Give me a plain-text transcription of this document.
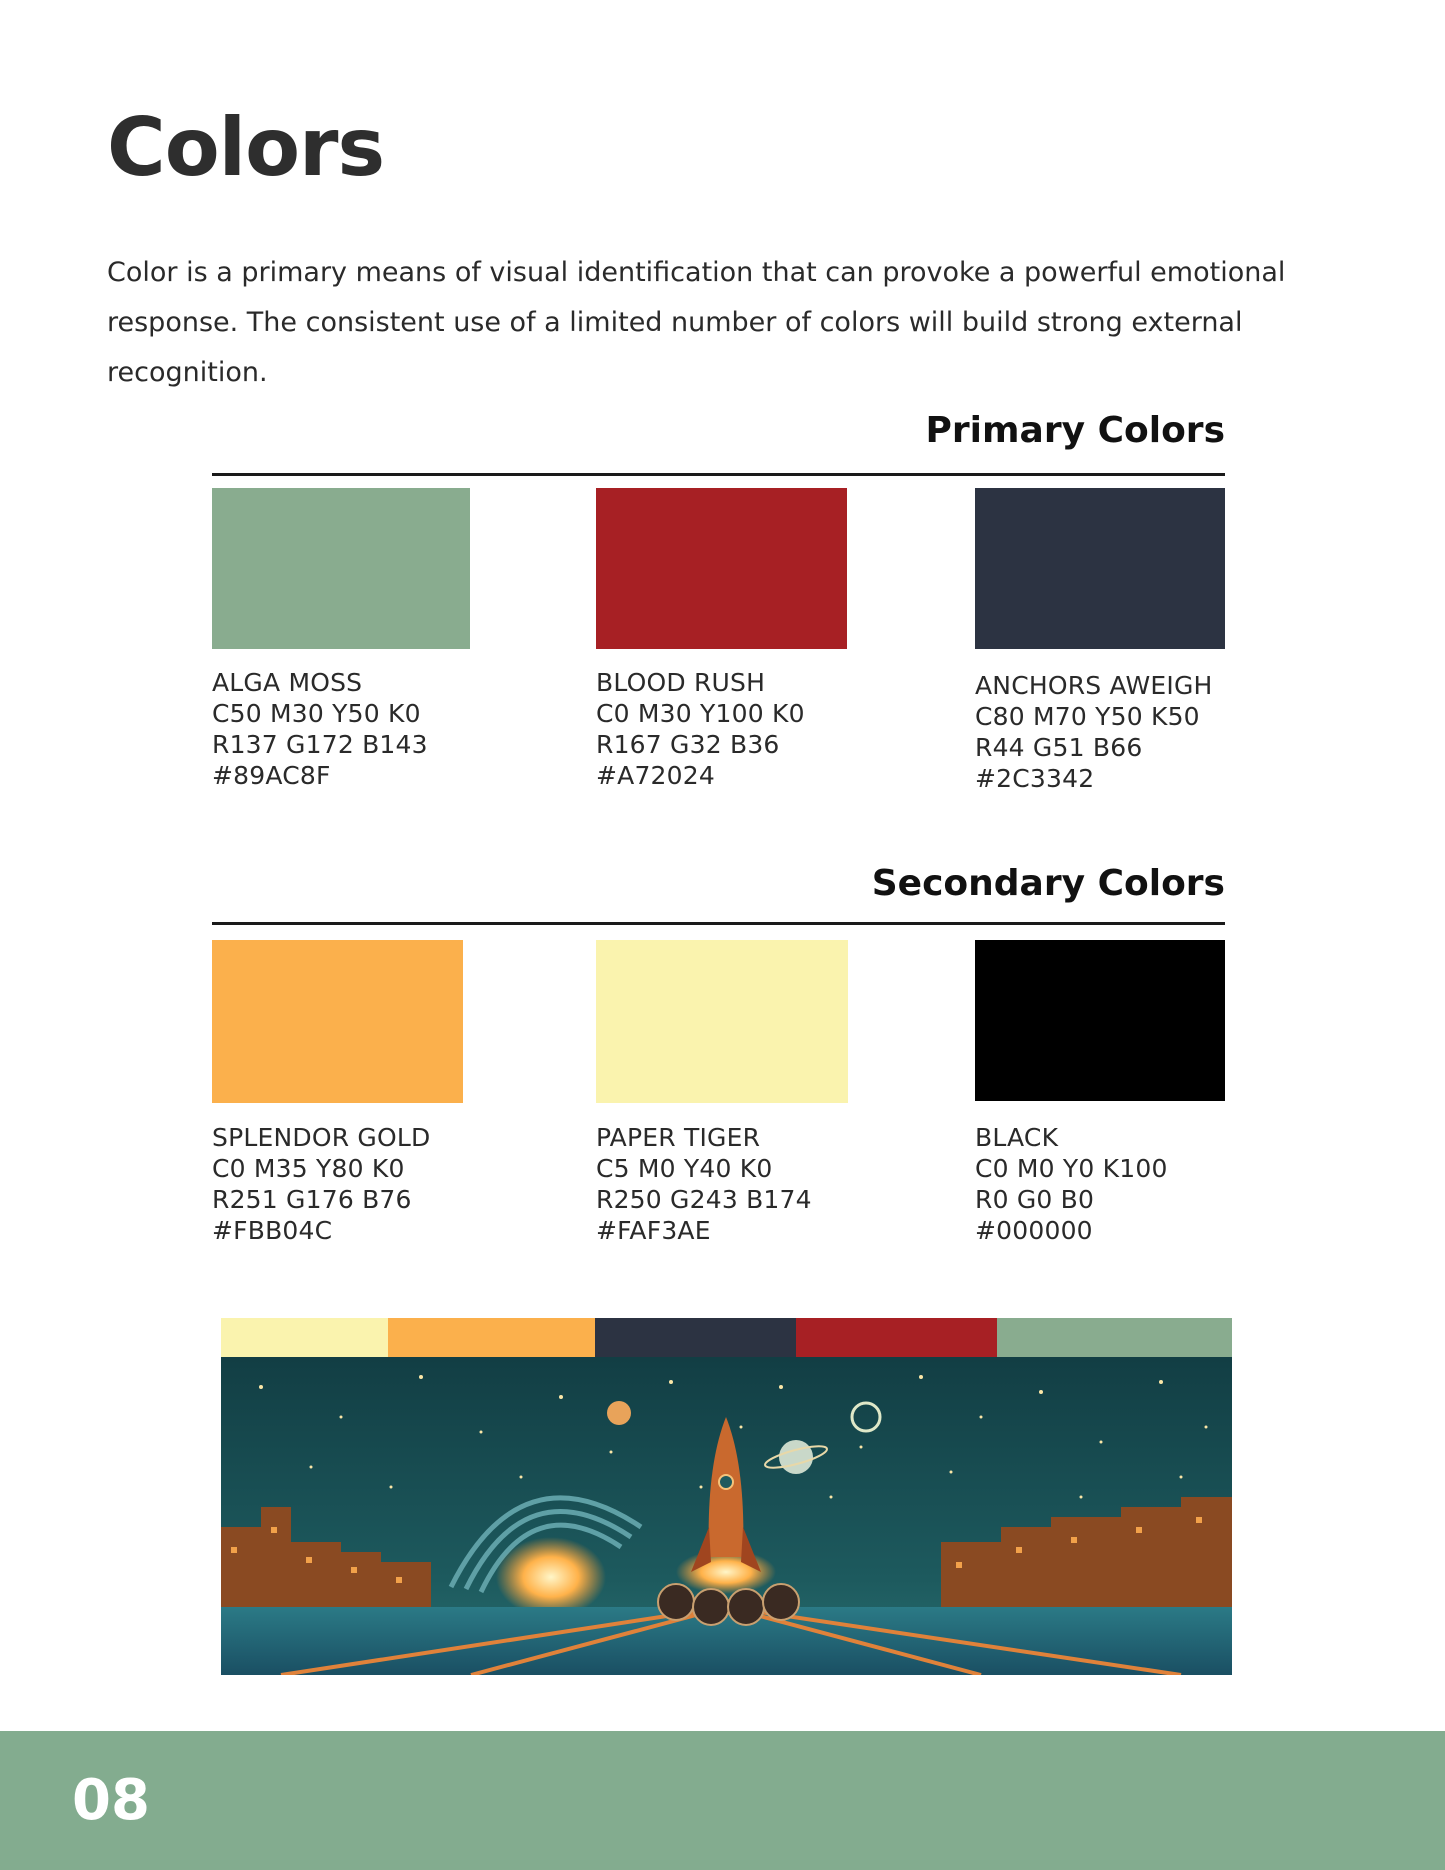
Colors

Color is a primary means of visual identification that can provoke a powerful emotional response. The consistent use of a limited number of colors will build strong external recognition.

Primary Colors
ALGA MOSS
C50 M30 Y50 K0
R137 G172 B143
#89AC8F
BLOOD RUSH
C0 M30 Y100 K0
R167 G32 B36
#A72024
ANCHORS AWEIGH
C80 M70 Y50 K50
R44 G51 B66
#2C3342
Secondary Colors
SPLENDOR GOLD
C0 M35 Y80 K0
R251 G176 B76
#FBB04C
PAPER TIGER
C5 M0 Y40 K0
R250 G243 B174
#FAF3AE
BLACK
C0 M0 Y0 K100
R0 G0 B0
#000000
08
